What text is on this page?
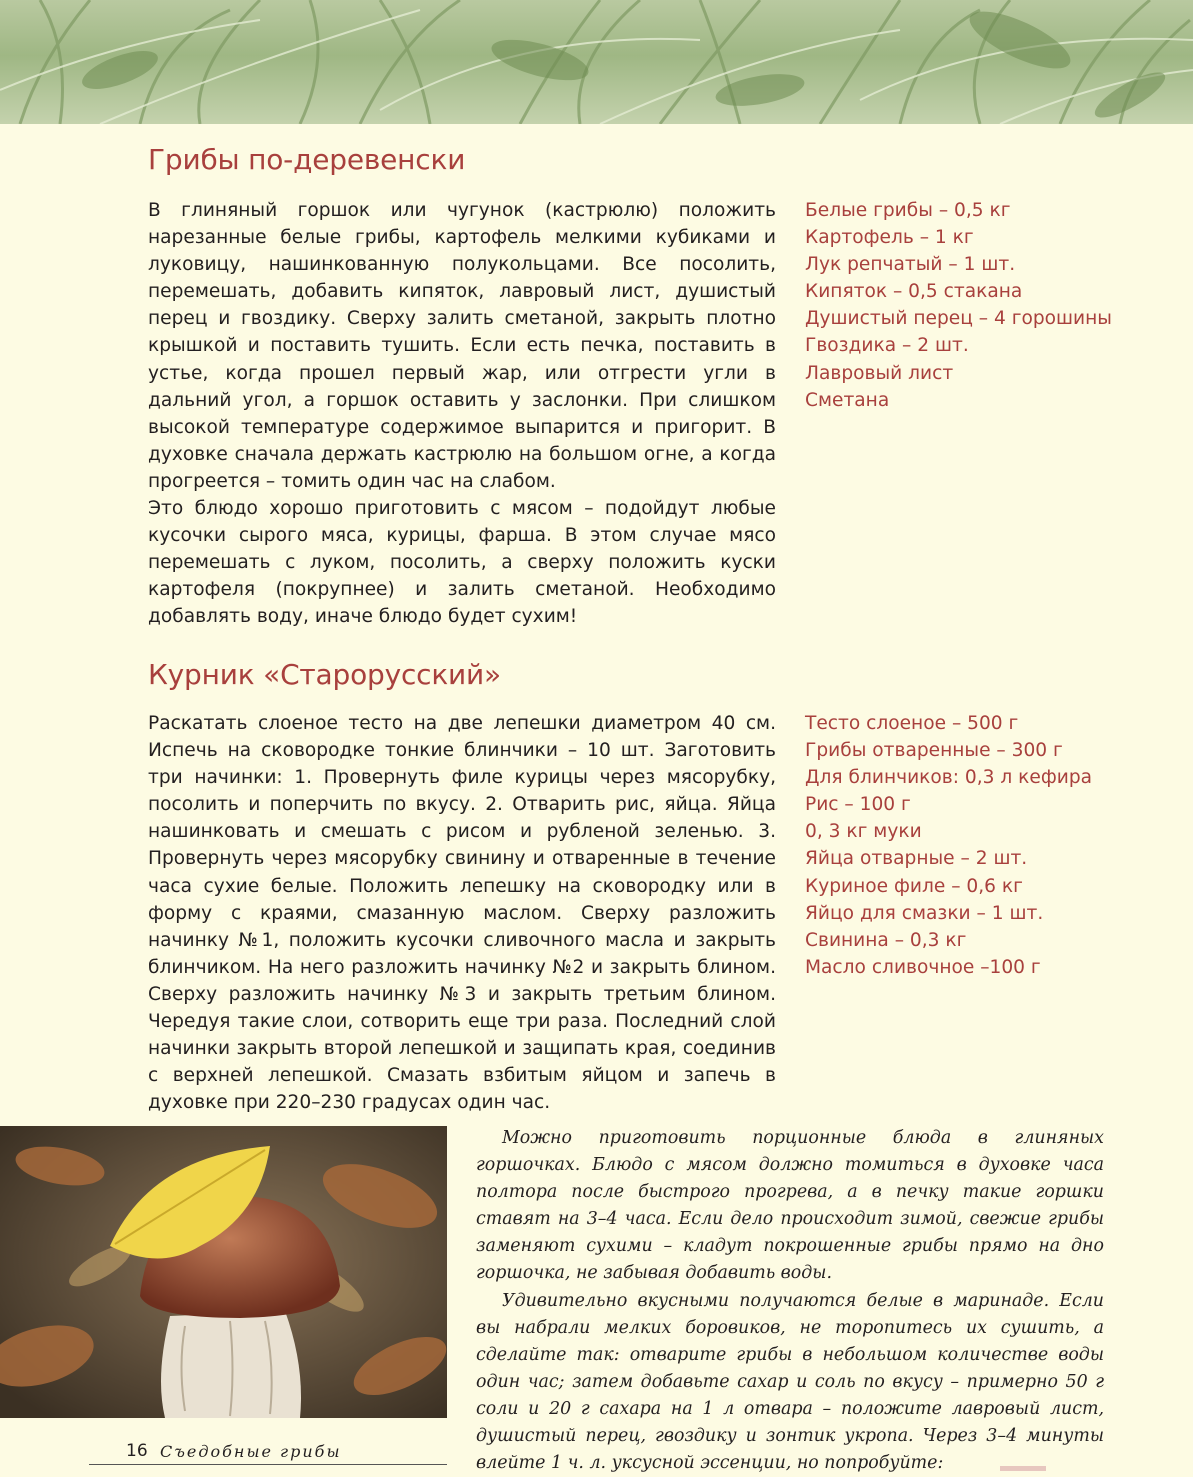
Грибы по-деревенски

В глиняный горшок или чугунок (кастрюлю) положить нарезанные белые грибы, картофель мелкими кубиками и луковицу, нашинкованную полукольцами. Все посолить, перемешать, добавить кипяток, лавровый лист, душистый перец и гвоздику. Сверху залить сметаной, закрыть плотно крышкой и поставить тушить. Если есть печка, поставить в устье, когда прошел первый жар, или отгрести угли в дальний угол, а горшок оставить у заслонки. При слишком высокой температуре содержимое выпарится и пригорит. В духовке сначала держать кастрюлю на большом огне, а когда прогреется – томить один час на слабом.

Это блюдо хорошо приготовить с мясом – подойдут любые кусочки сырого мяса, курицы, фарша. В этом случае мясо перемешать с луком, посолить, а сверху положить куски картофеля (покрупнее) и залить сметаной. Необходимо добавлять воду, иначе блюдо будет сухим!

Белые грибы – 0,5 кг
Картофель – 1 кг
Лук репчатый – 1 шт.
Кипяток – 0,5 стакана
Душистый перец – 4 горошины
Гвоздика – 2 шт.
Лавровый лист
Сметана
Курник «Старорусский»

Раскатать слоеное тесто на две лепешки диаметром 40 см. Испечь на сковородке тонкие блинчики – 10 шт. Заготовить три начинки: 1. Провернуть филе курицы через мясорубку, посолить и поперчить по вкусу. 2. Отварить рис, яйца. Яйца нашинковать и смешать с рисом и рубленой зеленью. 3. Провернуть через мясорубку свинину и отваренные в течение часа сухие белые. Положить лепешку на сковородку или в форму с краями, смазанную маслом. Сверху разложить начинку №1, положить кусочки сливочного масла и закрыть блинчиком. На него разложить начинку №2 и закрыть блином. Сверху разложить начинку №3 и закрыть третьим блином. Чередуя такие слои, сотворить еще три раза. Последний слой начинки закрыть второй лепешкой и защипать края, соединив с верхней лепешкой. Смазать взбитым яйцом и запечь в духовке при 220–230 градусах один час.

Тесто слоеное – 500 г
Грибы отваренные – 300 г
Для блинчиков: 0,3 л кефира
Рис – 100 г
0, 3 кг муки
Яйца отварные – 2 шт.
Куриное филе – 0,6 кг
Яйцо для смазки – 1 шт.
Свинина – 0,3 кг
Масло сливочное –100 г

Можно приготовить порционные блюда в глиняных горшочках. Блюдо с мясом должно томиться в духовке часа полтора после быстрого прогрева, а в печку такие горшки ставят на 3–4 часа. Если дело происходит зимой, свежие грибы заменяют сухими – кладут покрошенные грибы прямо на дно горшочка, не забывая добавить воды.

Удивительно вкусными получаются белые в маринаде. Если вы набрали мелких боровиков, не торопитесь их сушить, а сделайте так: отварите грибы в небольшом количестве воды один час; затем добавьте сахар и соль по вкусу – примерно 50 г соли и 20 г сахара на 1 л отвара – положите лавровый лист, душистый перец, гвоздику и зонтик укропа. Через 3–4 минуты влейте 1 ч. л. уксусной эссенции, но попробуйте:

16 Съедобные грибы
